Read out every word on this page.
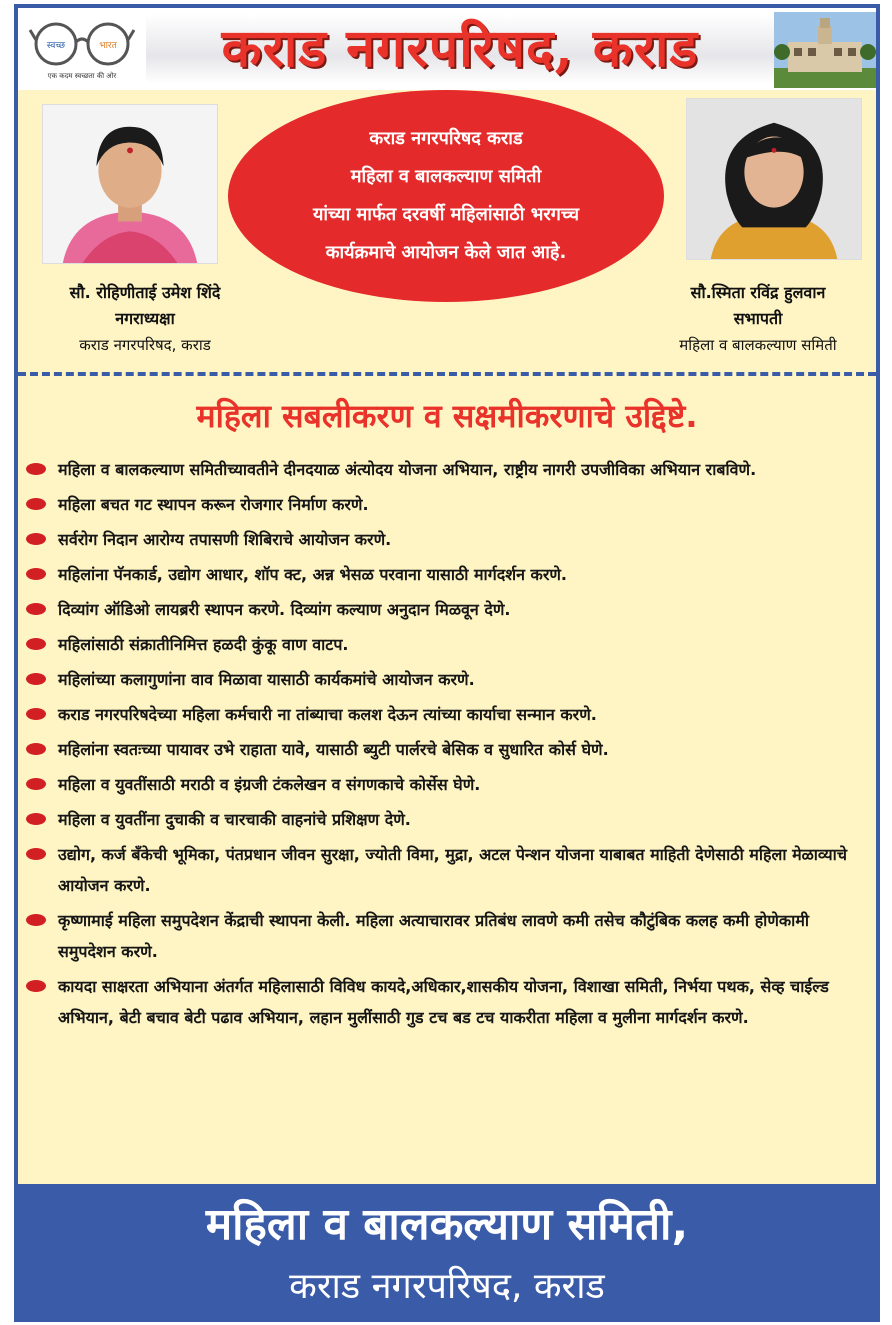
स्वच्छ	भारत
एक कदम स्वच्छता की ओर	कराड नगरपरिषद, कराड
कराड नगरपरिषद कराड
महिला व बालकल्याण समिती
यांच्या मार्फत दरवर्षी महिलांसाठी भरगच्च
कार्यक्रमाचे आयोजन केले जात आहे.
सौ. रोहिणीताई उमेश शिंदे
नगराध्यक्षा
कराड नगरपरिषद, कराड
सौ.स्मिता रविंद्र हुलवान
सभापती
महिला व बालकल्याण समिती
महिला सबलीकरण व सक्षमीकरणाचे उद्दिष्टे.
महिला व बालकल्याण समितीच्यावतीने दीनदयाळ अंत्योदय योजना अभियान, राष्ट्रीय नागरी उपजीविका अभियान राबविणे.
महिला बचत गट स्थापन करून रोजगार निर्माण करणे.
सर्वरोग निदान आरोग्य तपासणी शिबिराचे आयोजन करणे.
महिलांना पॅनकार्ड, उद्योग आधार, शॉप क्ट, अन्न भेसळ परवाना यासाठी मार्गदर्शन करणे.
दिव्यांग ऑडिओ लायब्ररी स्थापन करणे. दिव्यांग कल्याण अनुदान मिळवून देणे.
महिलांसाठी संक्रातीनिमित्त हळदी कुंकू वाण वाटप.
महिलांच्या कलागुणांना वाव मिळावा यासाठी कार्यकमांचे आयोजन करणे.
कराड नगरपरिषदेच्या महिला कर्मचारी ना तांब्याचा कलश देऊन त्यांच्या कार्याचा सन्मान करणे.
महिलांना स्वतःच्या पायावर उभे राहाता यावे, यासाठी ब्युटी पार्लरचे बेसिक व सुधारित कोर्स घेणे.
महिला व युवतींसाठी मराठी व इंग्रजी टंकलेखन व संगणकाचे कोर्सेस घेणे.
महिला व युवतींना दुचाकी व चारचाकी वाहनांचे प्रशिक्षण देणे.
उद्योग, कर्ज बँकेची भूमिका, पंतप्रधान जीवन सुरक्षा, ज्योती विमा, मुद्रा, अटल पेन्शन योजना याबाबत माहिती देणेसाठी महिला मेळाव्याचे आयोजन करणे.
कृष्णामाई महिला समुपदेशन केंद्राची स्थापना केली. महिला अत्याचारावर प्रतिबंध लावणे कमी तसेच कौटुंबिक कलह कमी होणेकामी समुपदेशन करणे.
कायदा साक्षरता अभियाना अंतर्गत महिलासाठी विविध कायदे,अधिकार,शासकीय योजना, विशाखा समिती, निर्भया पथक, सेव्ह चाईल्ड अभियान, बेटी बचाव बेटी पढाव अभियान, लहान मुलींसाठी गुड टच बड टच याकरीता महिला व मुलीना मार्गदर्शन करणे.
महिला व बालकल्याण समिती,
कराड नगरपरिषद, कराड
